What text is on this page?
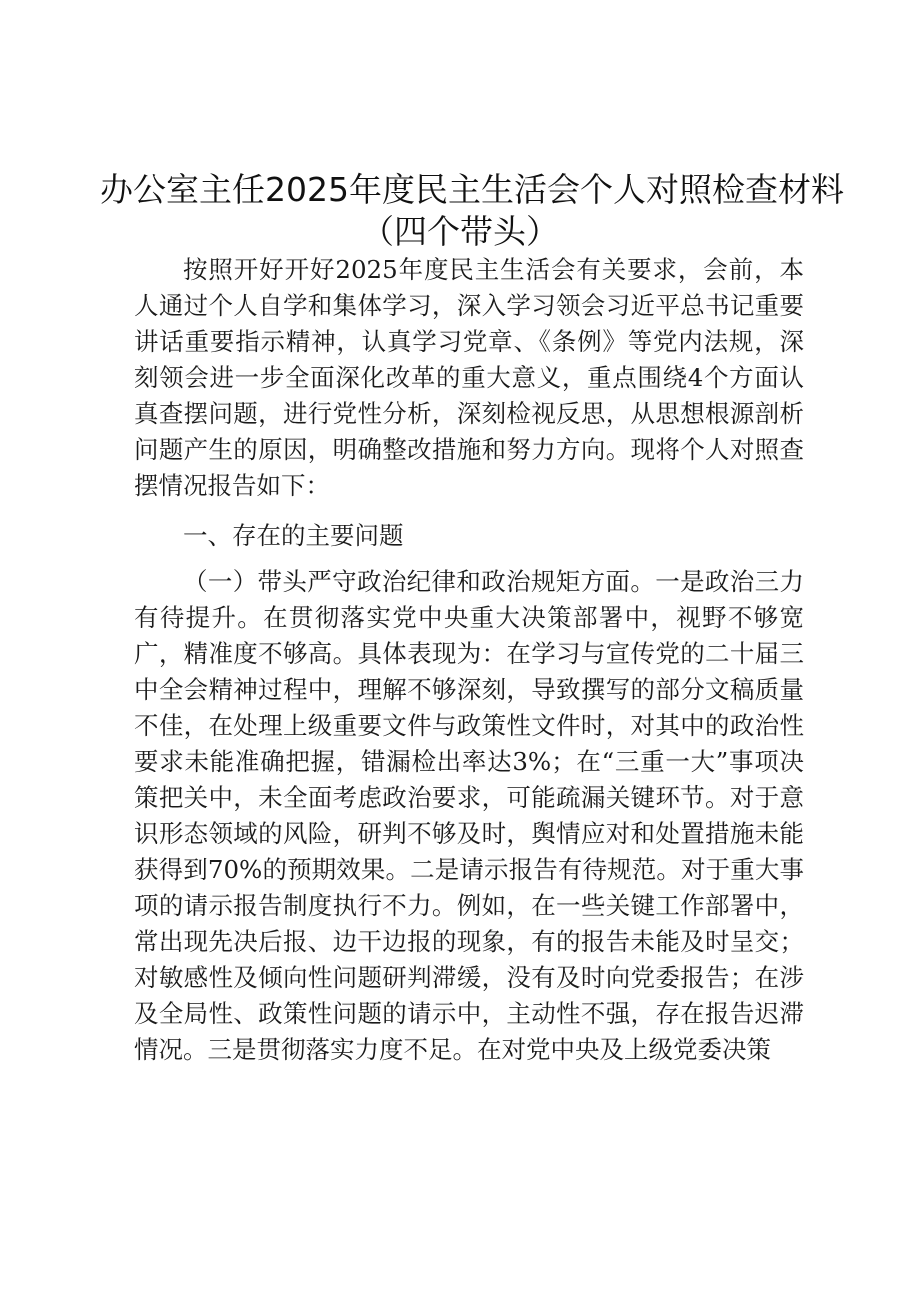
办公室主任2025年度民主生活会个人对照检查材料
（四个带头）
按照开好开好2025年度民主生活会有关要求，会前，本人通过个人自学和集体学习，深入学习领会习近平总书记重要讲话重要指示精神，认真学习党章、《条例》等党内法规，深刻领会进一步全面深化改革的重大意义，重点围绕4个方面认真查摆问题，进行党性分析，深刻检视反思，从思想根源剖析问题产生的原因，明确整改措施和努力方向。现将个人对照查摆情况报告如下：
一、存在的主要问题
（一）带头严守政治纪律和政治规矩方面。一是政治三力有待提升。在贯彻落实党中央重大决策部署中，视野不够宽广，精准度不够高。具体表现为：在学习与宣传党的二十届三中全会精神过程中，理解不够深刻，导致撰写的部分文稿质量不佳，在处理上级重要文件与政策性文件时，对其中的政治性要求未能准确把握，错漏检出率达3%；在“三重一大”事项决策把关中，未全面考虑政治要求，可能疏漏关键环节。对于意识形态领域的风险，研判不够及时，舆情应对和处置措施未能获得到70%的预期效果。二是请示报告有待规范。对于重大事项的请示报告制度执行不力。例如，在一些关键工作部署中，常出现先决后报、边干边报的现象，有的报告未能及时呈交；对敏感性及倾向性问题研判滞缓，没有及时向党委报告；在涉及全局性、政策性问题的请示中，主动性不强，存在报告迟滞情况。三是贯彻落实力度不足。在对党中央及上级党委决策
